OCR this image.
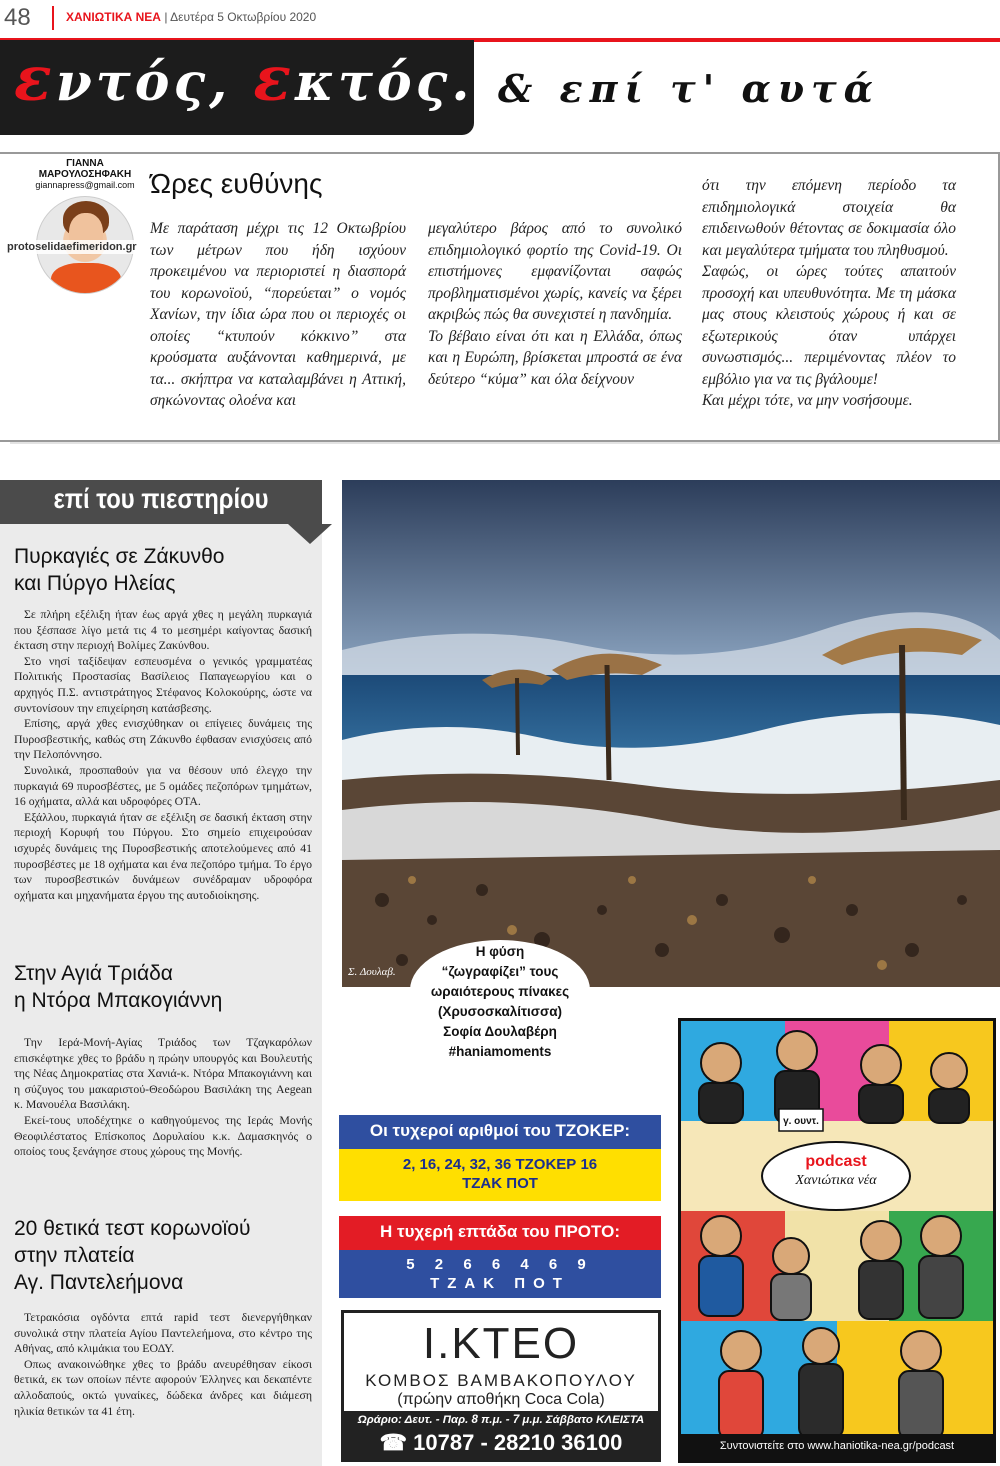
48	ΧΑΝΙΩΤΙΚΑ ΝΕΑ | Δευτέρα 5 Οκτωβρίου 2020
εντός, εκτός...
& επί τ' αυτά
ΓΙΑΝΝΑ
ΜΑΡΟΥΛΟΣΗΦΑΚΗ
giannapress@gmail.com
protoselidaefimeridon.gr
Ώρες ευθύνης
Με παράταση μέχρι τις 12 Οκτωβρίου των μέτρων που ήδη ισχύουν προκειμένου να περιοριστεί η διασπορά του κορωνοϊού, “πορεύεται” ο νομός Χανίων, την ίδια ώρα που οι περιοχές οι οποίες “κτυπούν κόκκινο” στα κρούσματα αυξάνονται καθημερινά, με τα... σκήπτρα να καταλαμβάνει η Αττική, σηκώνοντας ολοένα και
μεγαλύτερο βάρος από το συνολικό επιδημιολογικό φορτίο της Covid-19. Οι επιστήμονες εμφανίζονται σαφώς προβληματισμένοι χωρίς, κανείς να ξέρει ακριβώς πώς θα συνεχιστεί η πανδημία.
Το βέβαιο είναι ότι και η Ελλάδα, όπως και η Ευρώπη, βρίσκεται μπροστά σε ένα δεύτερο “κύμα” και όλα δείχνουν
ότι την επόμενη περίοδο τα επιδημιολογικά στοιχεία θα επιδεινωθούν θέτοντας σε δοκιμασία όλο και μεγαλύτερα τμήματα του πληθυσμού.
Σαφώς, οι ώρες τούτες απαιτούν προσοχή και υπευθυνότητα. Με τη μάσκα μας στους κλειστούς χώρους ή και σε εξωτερικούς όταν υπάρχει συνωστισμός... περιμένοντας πλέον το εμβόλιο για να τις βγάλουμε!
Και μέχρι τότε, να μην νοσήσουμε.
επί του πιεστηρίου
Πυρκαγιές σε Ζάκυνθο
και Πύργο Ηλείας

Σε πλήρη εξέλιξη ήταν έως αργά χθες η μεγάλη πυρκαγιά που ξέσπασε λίγο μετά τις 4 το μεσημέρι καίγοντας δασική έκταση στην περιοχή Βολίμες Ζακύνθου.

Στο νησί ταξίδεψαν εσπευσμένα ο γενικός γραμματέας Πολιτικής Προστασίας Βασίλειος Παπαγεωργίου και ο αρχηγός Π.Σ. αντιστράτηγος Στέφανος Κολοκούρης, ώστε να συντονίσουν την επιχείρηση κατάσβεσης.

Επίσης, αργά χθες ενισχύθηκαν οι επίγειες δυνάμεις της Πυροσβεστικής, καθώς στη Ζάκυνθο έφθασαν ενισχύσεις από την Πελοπόννησο.

Συνολικά, προσπαθούν για να θέσουν υπό έλεγχο την πυρκαγιά 69 πυροσβέστες, με 5 ομάδες πεζοπόρων τμημάτων, 16 οχήματα, αλλά και υδροφόρες ΟΤΑ.

Εξάλλου, πυρκαγιά ήταν σε εξέλιξη σε δασική έκταση στην περιοχή Κορυφή του Πύργου. Στο σημείο επιχειρούσαν ισχυρές δυνάμεις της Πυροσβεστικής αποτελούμενες από 41 πυροσβέστες με 18 οχήματα και ένα πεζοπόρο τμήμα. Το έργο των πυροσβεστικών δυνάμεων συνέδραμαν υδροφόρα οχήματα και μηχανήματα έργου της αυτοδιοίκησης.

Στην Αγιά Τριάδα
η Ντόρα Μπακογιάννη

Την Ιερά-Μονή-Αγίας Τριάδος των Τζαγκαρόλων επισκέφτηκε χθες το βράδυ η πρώην υπουργός και Βουλευτής της Νέας Δημοκρατίας στα Χανιά-κ. Ντόρα Μπακογιάννη και η σύζυγος του μακαριστού-Θεοδώρου Βασιλάκη της Aegean κ. Μανουέλα Βασιλάκη.

Εκεί-τους υποδέχτηκε ο καθηγούμενος της Ιεράς Μονής Θεοφιλέστατος Επίσκοπος Δορυλαίου κ.κ. Δαμασκηνός ο οποίος τους ξενάγησε στους χώρους της Μονής.

20 θετικά τεστ κορωνοϊού
στην πλατεία
Αγ. Παντελεήμονα

Τετρακόσια ογδόντα επτά rapid τεστ διενεργήθηκαν συνολικά στην πλατεία Αγίου Παντελεήμονα, στο κέντρο της Αθήνας, από κλιμάκια του ΕΟΔΥ.

Οπως ανακοινώθηκε χθες το βράδυ ανευρέθησαν είκοσι θετικά, εκ των οποίων πέντε αφορούν Έλληνες και δεκαπέντε αλλοδαπούς, οκτώ γυναίκες, δώδεκα άνδρες και διάμεση ηλικία θετικών τα 41 έτη.

Σ. Δουλαβ.
Η φύση
“ζωγραφίζει” τους
ωραιότερους πίνακες
(Χρυσοσκαλίτισσα)
Σοφία Δουλαβέρη
#haniamoments
Οι τυχεροί αριθμοί του ΤΖΟΚΕΡ:
2, 16, 24, 32, 36 ΤΖΟΚΕΡ 16
ΤΖΑΚ ΠΟΤ
Η τυχερή επτάδα του ΠΡΟΤΟ:
5 2 6 6 4 6 9
ΤΖΑΚ ΠΟΤ
Ι.ΚΤΕΟ
ΚΟΜΒΟΣ ΒΑΜΒΑΚΟΠΟΥΛΟΥ
(πρώην αποθήκη Coca Cola)
Ωράριο: Δευτ. - Παρ. 8 π.μ. - 7 μ.μ. Σάββατο ΚΛΕΙΣΤΑ
☎ 10787 - 28210 36100
γ. ουντ.
podcast
Χανιώτικα νέα
Συντονιστείτε στο www.haniotika-nea.gr/podcast
